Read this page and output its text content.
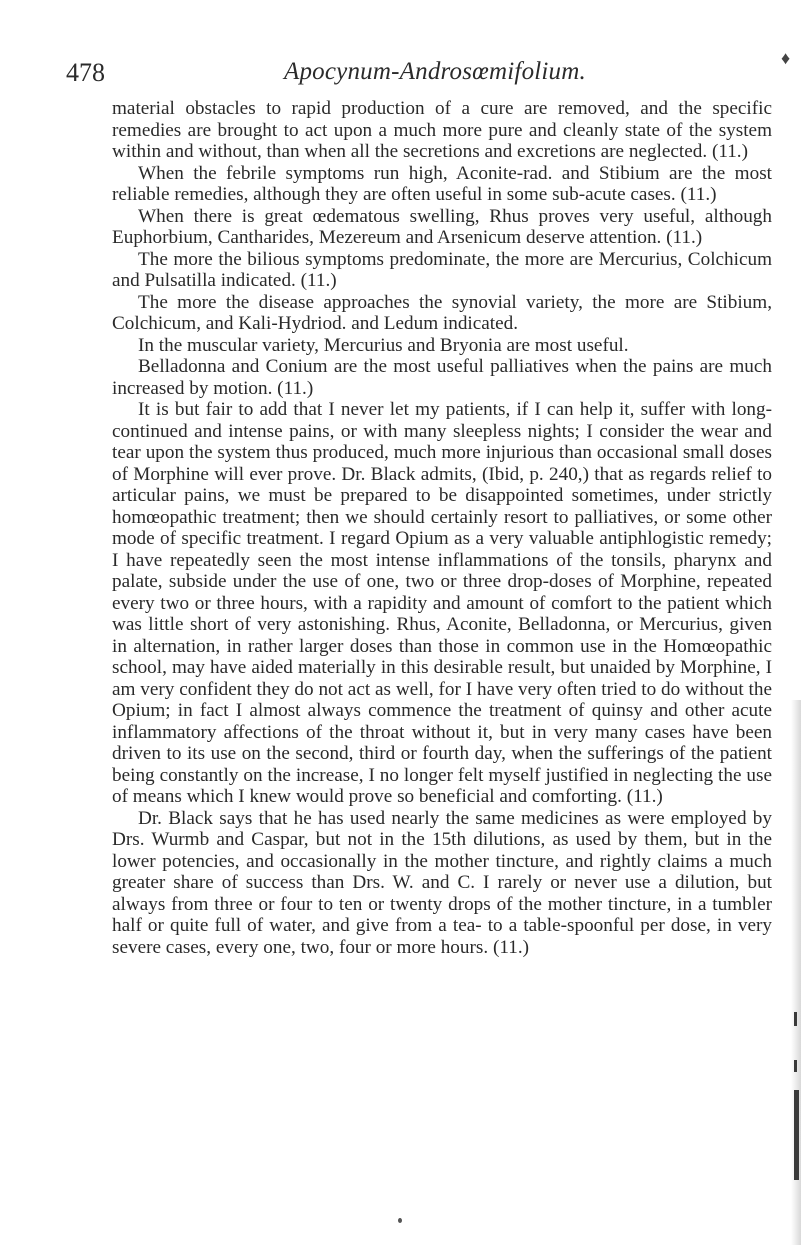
478	Apocynum-Androsœmifolium.	♦

material obstacles to rapid production of a cure are removed, and the specific remedies are brought to act upon a much more pure and cleanly state of the system within and without, than when all the secretions and excretions are neglected. (11.)

When the febrile symptoms run high, Aconite-rad. and Stibium are the most reliable remedies, although they are often useful in some sub-acute cases. (11.)

When there is great œdematous swelling, Rhus proves very useful, although Euphorbium, Cantharides, Mezereum and Arsenicum deserve attention. (11.)

The more the bilious symptoms predominate, the more are Mercurius, Colchicum and Pulsatilla indicated. (11.)

The more the disease approaches the synovial variety, the more are Stibium, Colchicum, and Kali-Hydriod. and Ledum indicated.

In the muscular variety, Mercurius and Bryonia are most useful.

Belladonna and Conium are the most useful palliatives when the pains are much increased by motion. (11.)

It is but fair to add that I never let my patients, if I can help it, suffer with long-continued and intense pains, or with many sleepless nights; I consider the wear and tear upon the system thus produced, much more injurious than occasional small doses of Morphine will ever prove. Dr. Black admits, (Ibid, p. 240,) that as regards relief to articular pains, we must be prepared to be disappointed sometimes, under strictly homœopathic treatment; then we should certainly resort to palliatives, or some other mode of specific treatment. I regard Opium as a very valuable antiphlogistic remedy; I have repeatedly seen the most intense inflammations of the tonsils, pharynx and palate, subside under the use of one, two or three drop-doses of Morphine, repeated every two or three hours, with a rapidity and amount of comfort to the patient which was little short of very astonishing. Rhus, Aconite, Belladonna, or Mercurius, given in alternation, in rather larger doses than those in common use in the Homœopathic school, may have aided materially in this desirable result, but unaided by Morphine, I am very confident they do not act as well, for I have very often tried to do without the Opium; in fact I almost always commence the treatment of quinsy and other acute inflammatory affections of the throat without it, but in very many cases have been driven to its use on the second, third or fourth day, when the sufferings of the patient being constantly on the increase, I no longer felt myself justified in neglecting the use of means which I knew would prove so beneficial and comforting. (11.)

Dr. Black says that he has used nearly the same medicines as were employed by Drs. Wurmb and Caspar, but not in the 15th dilutions, as used by them, but in the lower potencies, and occasionally in the mother tincture, and rightly claims a much greater share of success than Drs. W. and C. I rarely or never use a dilution, but always from three or four to ten or twenty drops of the mother tincture, in a tumbler half or quite full of water, and give from a tea- to a table-spoonful per dose, in very severe cases, every one, two, four or more hours. (11.)
